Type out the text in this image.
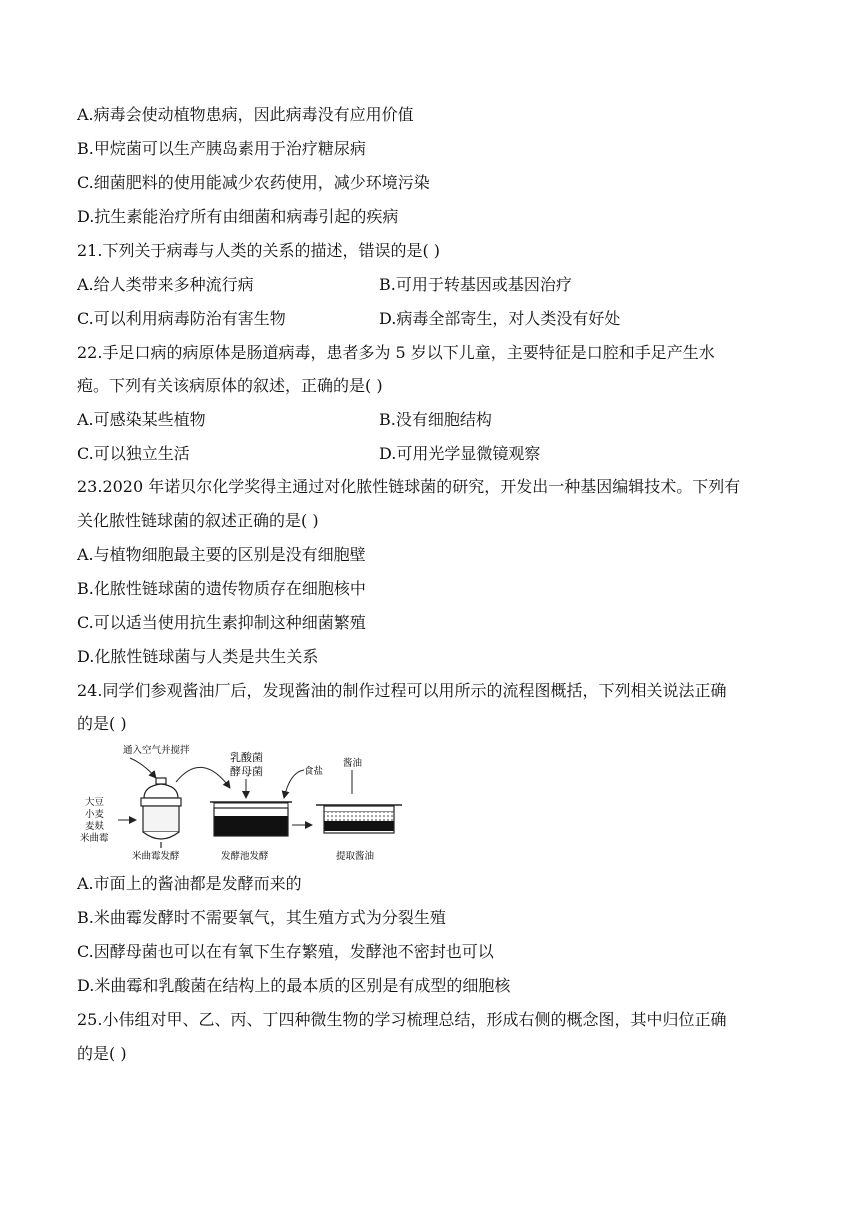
A.病毒会使动植物患病，因此病毒没有应用价值
B.甲烷菌可以生产胰岛素用于治疗糖尿病
C.细菌肥料的使用能减少农药使用，减少环境污染
D.抗生素能治疗所有由细菌和病毒引起的疾病
21.下列关于病毒与人类的关系的描述，错误的是( )
A.给人类带来多种流行病	B.可用于转基因或基因治疗
C.可以利用病毒防治有害生物	D.病毒全部寄生，对人类没有好处
22.手足口病的病原体是肠道病毒，患者多为 5 岁以下儿童，主要特征是口腔和手足产生水
疱。下列有关该病原体的叙述，正确的是( )
A.可感染某些植物	B.没有细胞结构
C.可以独立生活	D.可用光学显微镜观察
23.2020 年诺贝尔化学奖得主通过对化脓性链球菌的研究，开发出一种基因编辑技术。下列有
关化脓性链球菌的叙述正确的是( )
A.与植物细胞最主要的区别是没有细胞壁
B.化脓性链球菌的遗传物质存在细胞核中
C.可以适当使用抗生素抑制这种细菌繁殖
D.化脓性链球菌与人类是共生关系
24.同学们参观酱油厂后，发现酱油的制作过程可以用所示的流程图概括，下列相关说法正确
的是( )
大豆
小麦
麦麸
米曲霉
通入空气并搅拌
米曲霉发酵
乳酸菌
酵母菌	食盐
发酵池发酵
酱油
提取酱油
A.市面上的酱油都是发酵而来的
B.米曲霉发酵时不需要氧气，其生殖方式为分裂生殖
C.因酵母菌也可以在有氧下生存繁殖，发酵池不密封也可以
D.米曲霉和乳酸菌在结构上的最本质的区别是有成型的细胞核
25.小伟组对甲、乙、丙、丁四种微生物的学习梳理总结，形成右侧的概念图，其中归位正确
的是( )
